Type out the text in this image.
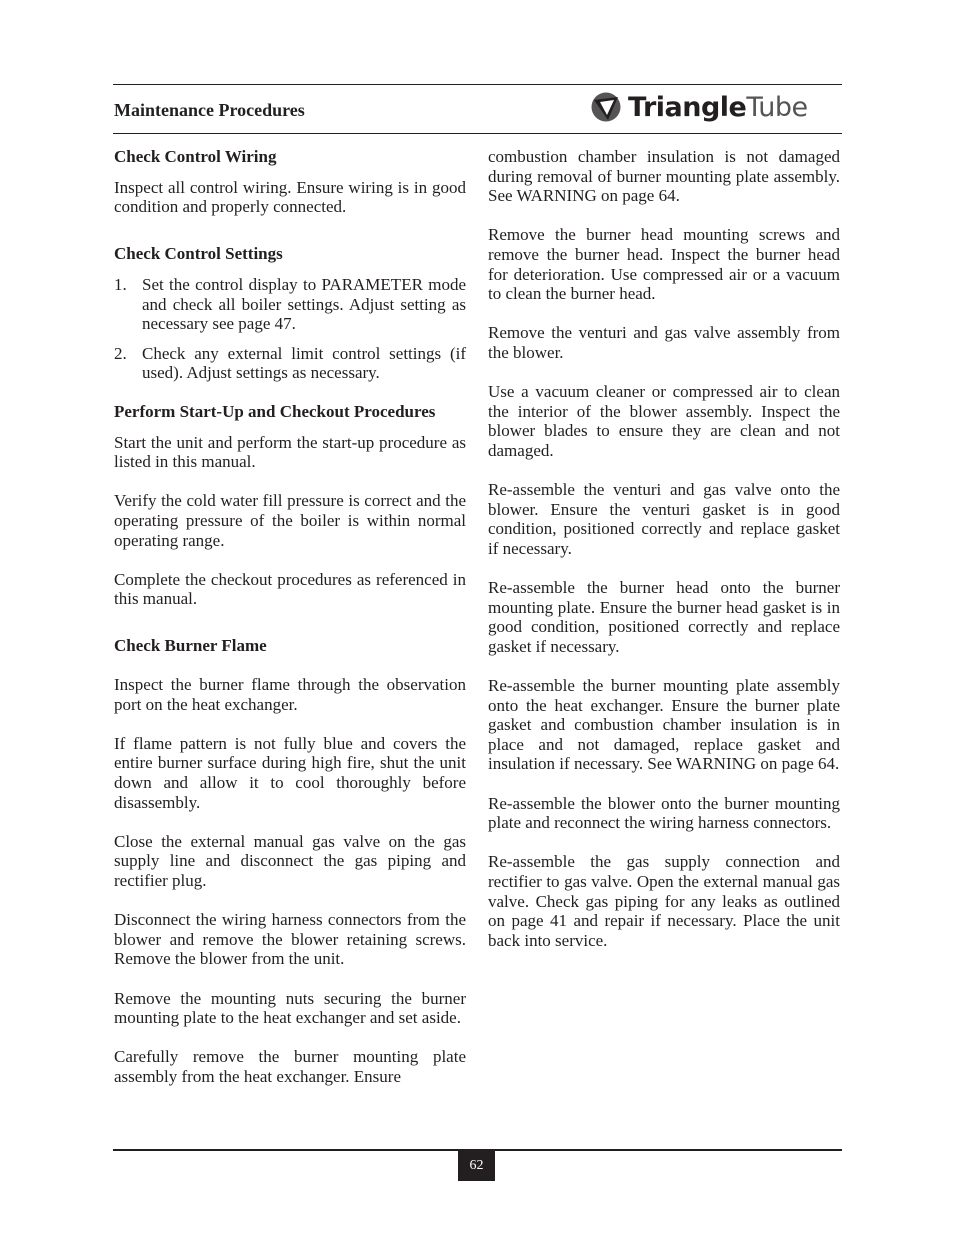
Maintenance Procedures	TriangleTube
Check Control Wiring

Inspect all control wiring. Ensure wiring is in good condition and properly connected.

Check Control Settings
1. Set the control display to PARAMETER mode and check all boiler settings. Adjust setting as necessary see page 47.
2. Check any external limit control settings (if used). Adjust settings as necessary.
Perform Start-Up and Checkout Procedures

Start the unit and perform the start-up procedure as listed in this manual.

Verify the cold water fill pressure is correct and the operating pressure of the boiler is within normal operating range.

Complete the checkout procedures as referenced in this manual.

Check Burner Flame

Inspect the burner flame through the observation port on the heat exchanger.

If flame pattern is not fully blue and covers the entire burner surface during high fire, shut the unit down and allow it to cool thoroughly before disassembly.

Close the external manual gas valve on the gas supply line and disconnect the gas piping and rectifier plug.

Disconnect the wiring harness connectors from the blower and remove the blower retaining screws. Remove the blower from the unit.

Remove the mounting nuts securing the burner mounting plate to the heat exchanger and set aside.

Carefully remove the burner mounting plate assembly from the heat exchanger. Ensure

combustion chamber insulation is not damaged during removal of burner mounting plate assembly. See WARNING on page 64.

Remove the burner head mounting screws and remove the burner head. Inspect the burner head for deterioration. Use compressed air or a vacuum to clean the burner head.

Remove the venturi and gas valve assembly from the blower.

Use a vacuum cleaner or compressed air to clean the interior of the blower assembly. Inspect the blower blades to ensure they are clean and not damaged.

Re-assemble the venturi and gas valve onto the blower. Ensure the venturi gasket is in good condition, positioned correctly and replace gasket if necessary.

Re-assemble the burner head onto the burner mounting plate. Ensure the burner head gasket is in good condition, positioned correctly and replace gasket if necessary.

Re-assemble the burner mounting plate assembly onto the heat exchanger. Ensure the burner plate gasket and combustion chamber insulation is in place and not damaged, replace gasket and insulation if necessary. See WARNING on page 64.

Re-assemble the blower onto the burner mounting plate and reconnect the wiring harness connectors.

Re-assemble the gas supply connection and rectifier to gas valve. Open the external manual gas valve. Check gas piping for any leaks as outlined on page 41 and repair if necessary. Place the unit back into service.

62
